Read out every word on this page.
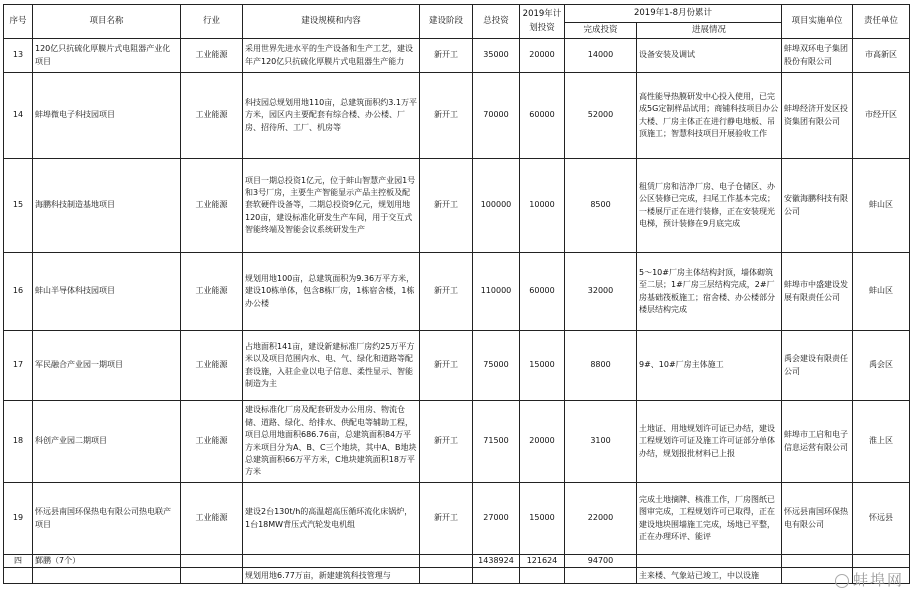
序号	项目名称	行业	建设规模和内容	建设阶段	总投资	2019年计划投资	2019年1-8月份累计		项目实施单位	责任单位
							完成投资	进展情况		
13	120亿只抗硫化厚膜片式电阻器产业化项目	工业能源	采用世界先进水平的生产设备和生产工艺，建设年产120亿只抗硫化厚膜片式电阻器生产能力	新开工	35000	20000	14000	设备安装及调试	蚌埠双环电子集团股份有限公司	市高新区
14	蚌埠微电子科技园项目	工业能源	科技园总规划用地110亩，总建筑面积约3.1万平方米，园区内主要配套有综合楼、办公楼、厂房、招待所、工厂、机房等	新开工	70000	60000	52000	高性能导热膜研发中心投入使用，已完成5G定制样品试用；商铺科技项目办公大楼、厂房主体正在进行静电地板、吊顶施工；智慧科技项目开展验收工作	蚌埠经济开发区投资集团有限公司	市经开区
15	海鹏科技制造基地项目	工业能源	项目一期总投资1亿元，位于蚌山智慧产业园1号和3号厂房，主要生产智能显示产品主控板及配套软硬件设备等，二期总投资9亿元，规划用地120亩，建设标准化研发生产车间，用于交互式智能终端及智能会议系统研发生产	新开工	100000	10000	8500	租赁厂房和洁净厂房、电子仓储区、办公区装修已完成，扫尾工作基本完成；一楼展厅正在进行装修，正在安装现光电梯，预计装修在9月底完成	安徽海鹏科技有限公司	蚌山区
16	蚌山半导体科技园项目	工业能源	规划用地100亩，总建筑面积为9.36万平方米，建设10栋单体，包含8栋厂房，1栋宿舍楼，1栋办公楼	新开工	110000	60000	32000	5～10#厂房主体结构封顶，墙体砌筑至二层；1#厂房三层结构完成，2#厂房基础筏板施工；宿舍楼、办公楼部分楼层结构完成	蚌埠市中盛建设发展有限责任公司	蚌山区
17	军民融合产业园一期项目	工业能源	占地面积141亩，建设新建标准厂房约25万平方米以及项目范围内水、电、气、绿化和道路等配套设施，入驻企业以电子信息、柔性显示、智能制造为主	新开工	75000	15000	8800	9#、10#厂房主体施工	禹会建设有限责任公司	禹会区
18	科创产业园二期项目	工业能源	建设标准化厂房及配套研发办公用房、物流仓储、道路、绿化、给排水、供配电等辅助工程，项目总用地面积686.76亩，总建筑面积84万平方米项目分为A、B、C三个地块，其中A、B地块总建筑面积66万平方米，C地块建筑面积18万平方米	新开工	71500	20000	3100	土地证、用地规划许可证已办结，建设工程规划许可证及施工许可证部分单体办结，规划报批材料已上报	蚌埠市工启和电子信息运营有限公司	淮上区
19	怀远县南国环保热电有限公司热电联产项目	工业能源	建设2台130t/h的高温超高压循环流化床锅炉，1台18MW背压式汽轮发电机组	新开工	27000	15000	22000	完成土地摘牌、核准工作，厂房图纸已图审完成，工程规划许可已取得，正在建设地块围墙施工完成，场地已平整，正在办理环评、能评	怀远县南国环保热电有限公司	怀远县
四	鄞鹏（7个）				1438924	121624	94700			
			规划用地6.77万亩，新建建筑科技管理与					主来楼、气象站已竣工，中以设施			蚌埠网
